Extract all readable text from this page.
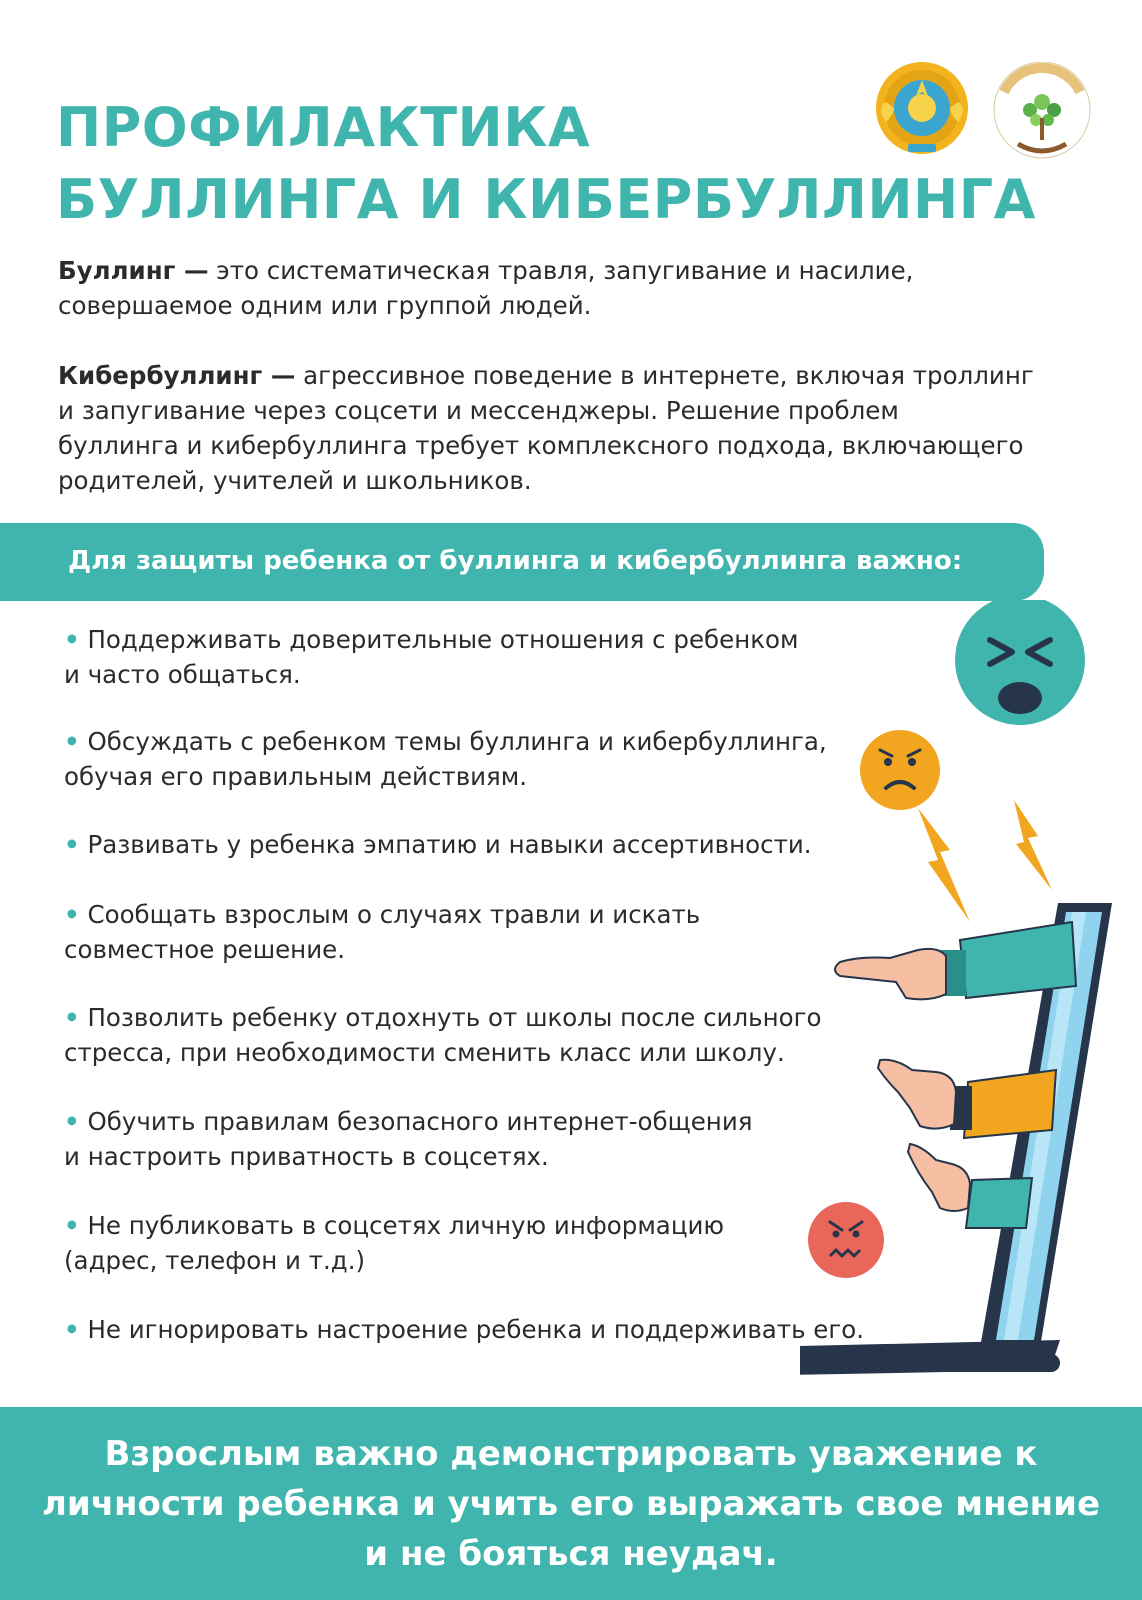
ПРОФИЛАКТИКА
БУЛЛИНГА И КИБЕРБУЛЛИНГА

Буллинг — это систематическая травля, запугивание и насилие,
совершаемое одним или группой людей.

Кибербуллинг — агрессивное поведение в интернете, включая троллинг
и запугивание через соцсети и мессенджеры. Решение проблем
буллинга и кибербуллинга требует комплексного подхода, включающего
родителей, учителей и школьников.

Для защиты ребенка от буллинга и кибербуллинга важно:

• Поддерживать доверительные отношения с ребенком
и часто общаться.
• Обсуждать с ребенком темы буллинга и кибербуллинга,
обучая его правильным действиям.
• Развивать у ребенка эмпатию и навыки ассертивности.
• Сообщать взрослым о случаях травли и искать
совместное решение.
• Позволить ребенку отдохнуть от школы после сильного
стресса, при необходимости сменить класс или школу.
• Обучить правилам безопасного интернет-общения
и настроить приватность в соцсетях.
• Не публиковать в соцсетях личную информацию
(адрес, телефон и т.д.)
• Не игнорировать настроение ребенка и поддерживать его.

Взрослым важно демонстрировать уважение к
личности ребенка и учить его выражать свое мнение
и не бояться неудач.
